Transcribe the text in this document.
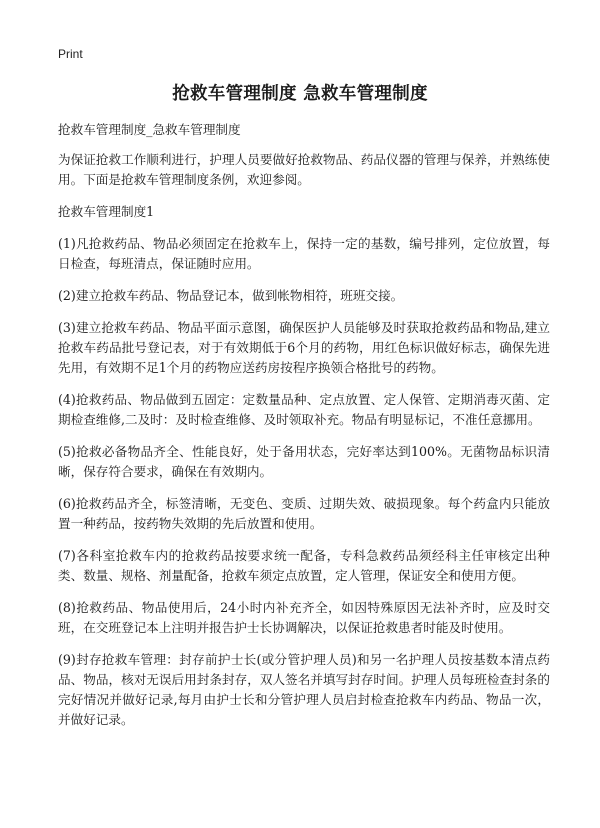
Print
抢救车管理制度 急救车管理制度

抢救车管理制度_急救车管理制度

为保证抢救工作顺利进行，护理人员要做好抢救物品、药品仪器的管理与保养，并熟练使用。下面是抢救车管理制度条例，欢迎参阅。

抢救车管理制度1

(1)凡抢救药品、物品必须固定在抢救车上，保持一定的基数，编号排列，定位放置，每日检查，每班清点，保证随时应用。

(2)建立抢救车药品、物品登记本，做到帐物相符，班班交接。

(3)建立抢救车药品、物品平面示意图，确保医护人员能够及时获取抢救药品和物品,建立抢救车药品批号登记表，对于有效期低于6个月的药物，用红色标识做好标志，确保先进先用，有效期不足1个月的药物应送药房按程序换领合格批号的药物。

(4)抢救药品、物品做到五固定：定数量品种、定点放置、定人保管、定期消毒灭菌、定期检查维修,二及时：及时检查维修、及时领取补充。物品有明显标记，不准任意挪用。

(5)抢救必备物品齐全、性能良好，处于备用状态，完好率达到100%。无菌物品标识清晰，保存符合要求，确保在有效期内。

(6)抢救药品齐全，标签清晰，无变色、变质、过期失效、破损现象。每个药盒内只能放置一种药品，按药物失效期的先后放置和使用。

(7)各科室抢救车内的抢救药品按要求统一配备，专科急救药品须经科主任审核定出种类、数量、规格、剂量配备，抢救车须定点放置，定人管理，保证安全和使用方便。

(8)抢救药品、物品使用后，24小时内补充齐全，如因特殊原因无法补齐时，应及时交班，在交班登记本上注明并报告护士长协调解决，以保证抢救患者时能及时使用。

(9)封存抢救车管理：封存前护士长(或分管护理人员)和另一名护理人员按基数本清点药品、物品，核对无误后用封条封存，双人签名并填写封存时间。护理人员每班检查封条的完好情况并做好记录,每月由护士长和分管护理人员启封检查抢救车内药品、物品一次，并做好记录。
